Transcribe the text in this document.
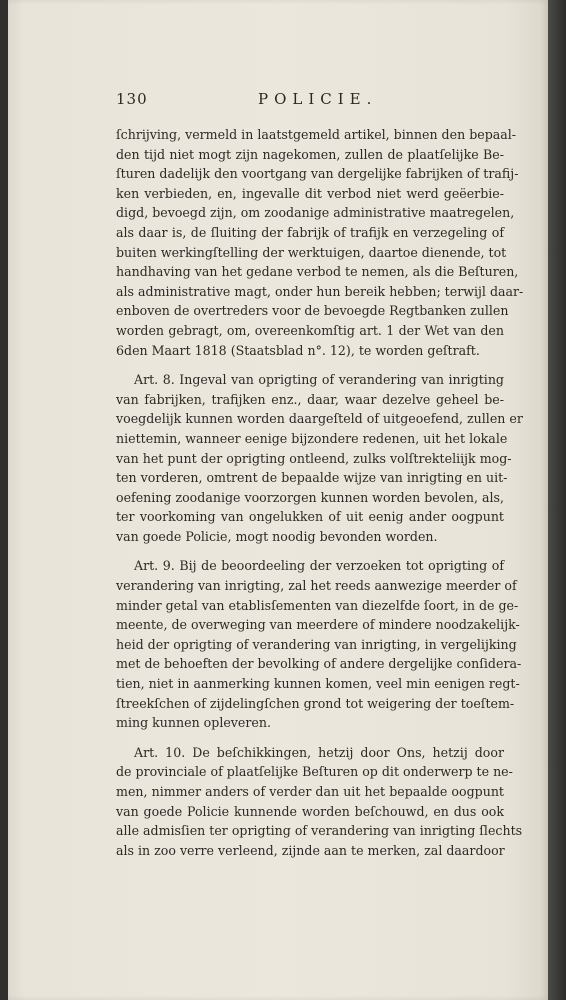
130	POLICIE.
ſchrijving, vermeld in laatstgemeld artikel, binnen den bepaal-
den tijd niet mogt zijn nagekomen, zullen de plaatſelijke Be-
ſturen dadelijk den voortgang van dergelijke fabrijken of trafij-
ken verbieden, en, ingevalle dit verbod niet werd geëerbie-
digd, bevoegd zijn, om zoodanige administrative maatregelen,
als daar is, de ſluiting der fabrijk of trafijk en verzegeling of
buiten werkingſtelling der werktuigen, daartoe dienende, tot
handhaving van het gedane verbod te nemen, als die Beſturen,
als administrative magt, onder hun bereik hebben; terwijl daar-
enboven de overtreders voor de bevoegde Regtbanken zullen
worden gebragt, om, overeenkomſtig art. 1 der Wet van den
6den Maart 1818 (Staatsblad n°. 12), te worden geſtraft.
Art. 8. Ingeval van oprigting of verandering van inrigting
van fabrijken, trafijken enz., daar, waar dezelve geheel be-
voegdelijk kunnen worden daargeſteld of uitgeoefend, zullen er
niettemin, wanneer eenige bijzondere redenen, uit het lokale
van het punt der oprigting ontleend, zulks volſtrekteliijk mog-
ten vorderen, omtrent de bepaalde wijze van inrigting en uit-
oefening zoodanige voorzorgen kunnen worden bevolen, als,
ter voorkoming van ongelukken of uit eenig ander oogpunt
van goede Policie, mogt noodig bevonden worden.
Art. 9. Bij de beoordeeling der verzoeken tot oprigting of
verandering van inrigting, zal het reeds aanwezige meerder of
minder getal van etablisſementen van diezelfde ſoort, in de ge-
meente, de overweging van meerdere of mindere noodzakelijk-
heid der oprigting of verandering van inrigting, in vergelijking
met de behoeften der bevolking of andere dergelijke conſidera-
tien, niet in aanmerking kunnen komen, veel min eenigen regt-
ſtreekſchen of zijdelingſchen grond tot weigering der toeſtem-
ming kunnen opleveren.
Art. 10. De beſchikkingen, hetzij door Ons, hetzij door
de provinciale of plaatſelijke Beſturen op dit onderwerp te ne-
men, nimmer anders of verder dan uit het bepaalde oogpunt
van goede Policie kunnende worden beſchouwd, en dus ook
alle admisſien ter oprigting of verandering van inrigting ſlechts
als in zoo verre verleend, zijnde aan te merken, zal daardoor
